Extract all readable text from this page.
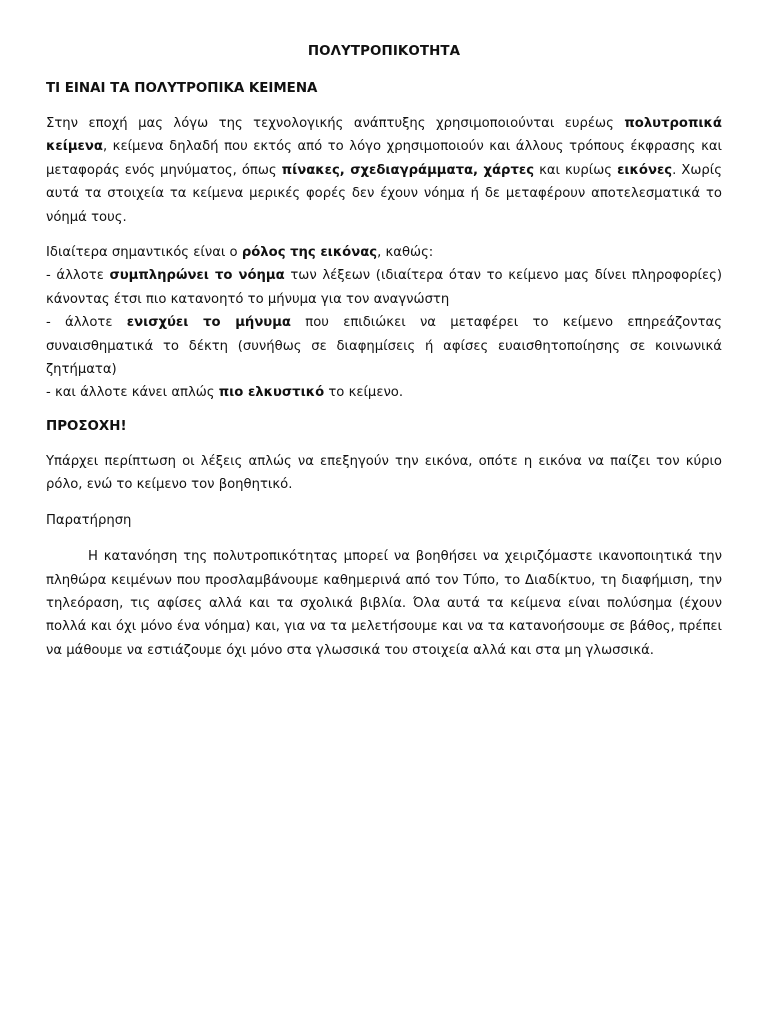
ΠΟΛΥΤΡΟΠΙΚΟΤΗΤΑ
ΤΙ ΕΙΝΑΙ ΤΑ ΠΟΛΥΤΡΟΠΙΚΑ ΚΕΙΜΕΝΑ

Στην εποχή μας λόγω της τεχνολογικής ανάπτυξης χρησιμοποιούνται ευρέως πολυτροπικά κείμενα, κείμενα δηλαδή που εκτός από το λόγο χρησιμοποιούν και άλλους τρόπους έκφρασης και μεταφοράς ενός μηνύματος, όπως πίνακες, σχεδιαγράμματα, χάρτες και κυρίως εικόνες. Χωρίς αυτά τα στοιχεία τα κείμενα μερικές φορές δεν έχουν νόημα ή δε μεταφέρουν αποτελεσματικά το νόημά τους.

Ιδιαίτερα σημαντικός είναι ο ρόλος της εικόνας, καθώς:
- άλλοτε συμπληρώνει το νόημα των λέξεων (ιδιαίτερα όταν το κείμενο μας δίνει πληροφορίες) κάνοντας έτσι πιο κατανοητό το μήνυμα για τον αναγνώστη
- άλλοτε ενισχύει το μήνυμα που επιδιώκει να μεταφέρει το κείμενο επηρεάζοντας συναισθηματικά το δέκτη (συνήθως σε διαφημίσεις ή αφίσες ευαισθητοποίησης σε κοινωνικά ζητήματα)
- και άλλοτε κάνει απλώς πιο ελκυστικό το κείμενο.
ΠΡΟΣΟΧΗ!

Υπάρχει περίπτωση οι λέξεις απλώς να επεξηγούν την εικόνα, οπότε η εικόνα να παίζει τον κύριο ρόλο, ενώ το κείμενο τον βοηθητικό.

Παρατήρηση

Η κατανόηση της πολυτροπικότητας μπορεί να βοηθήσει να χειριζόμαστε ικανοποιητικά την πληθώρα κειμένων που προσλαμβάνουμε καθημερινά από τον Τύπο, το Διαδίκτυο, τη διαφήμιση, την τηλεόραση, τις αφίσες αλλά και τα σχολικά βιβλία. Όλα αυτά τα κείμενα είναι πολύσημα (έχουν πολλά και όχι μόνο ένα νόημα) και, για να τα μελετήσουμε και να τα κατανοήσουμε σε βάθος, πρέπει να μάθουμε να εστιάζουμε όχι μόνο στα γλωσσικά του στοιχεία αλλά και στα μη γλωσσικά.
